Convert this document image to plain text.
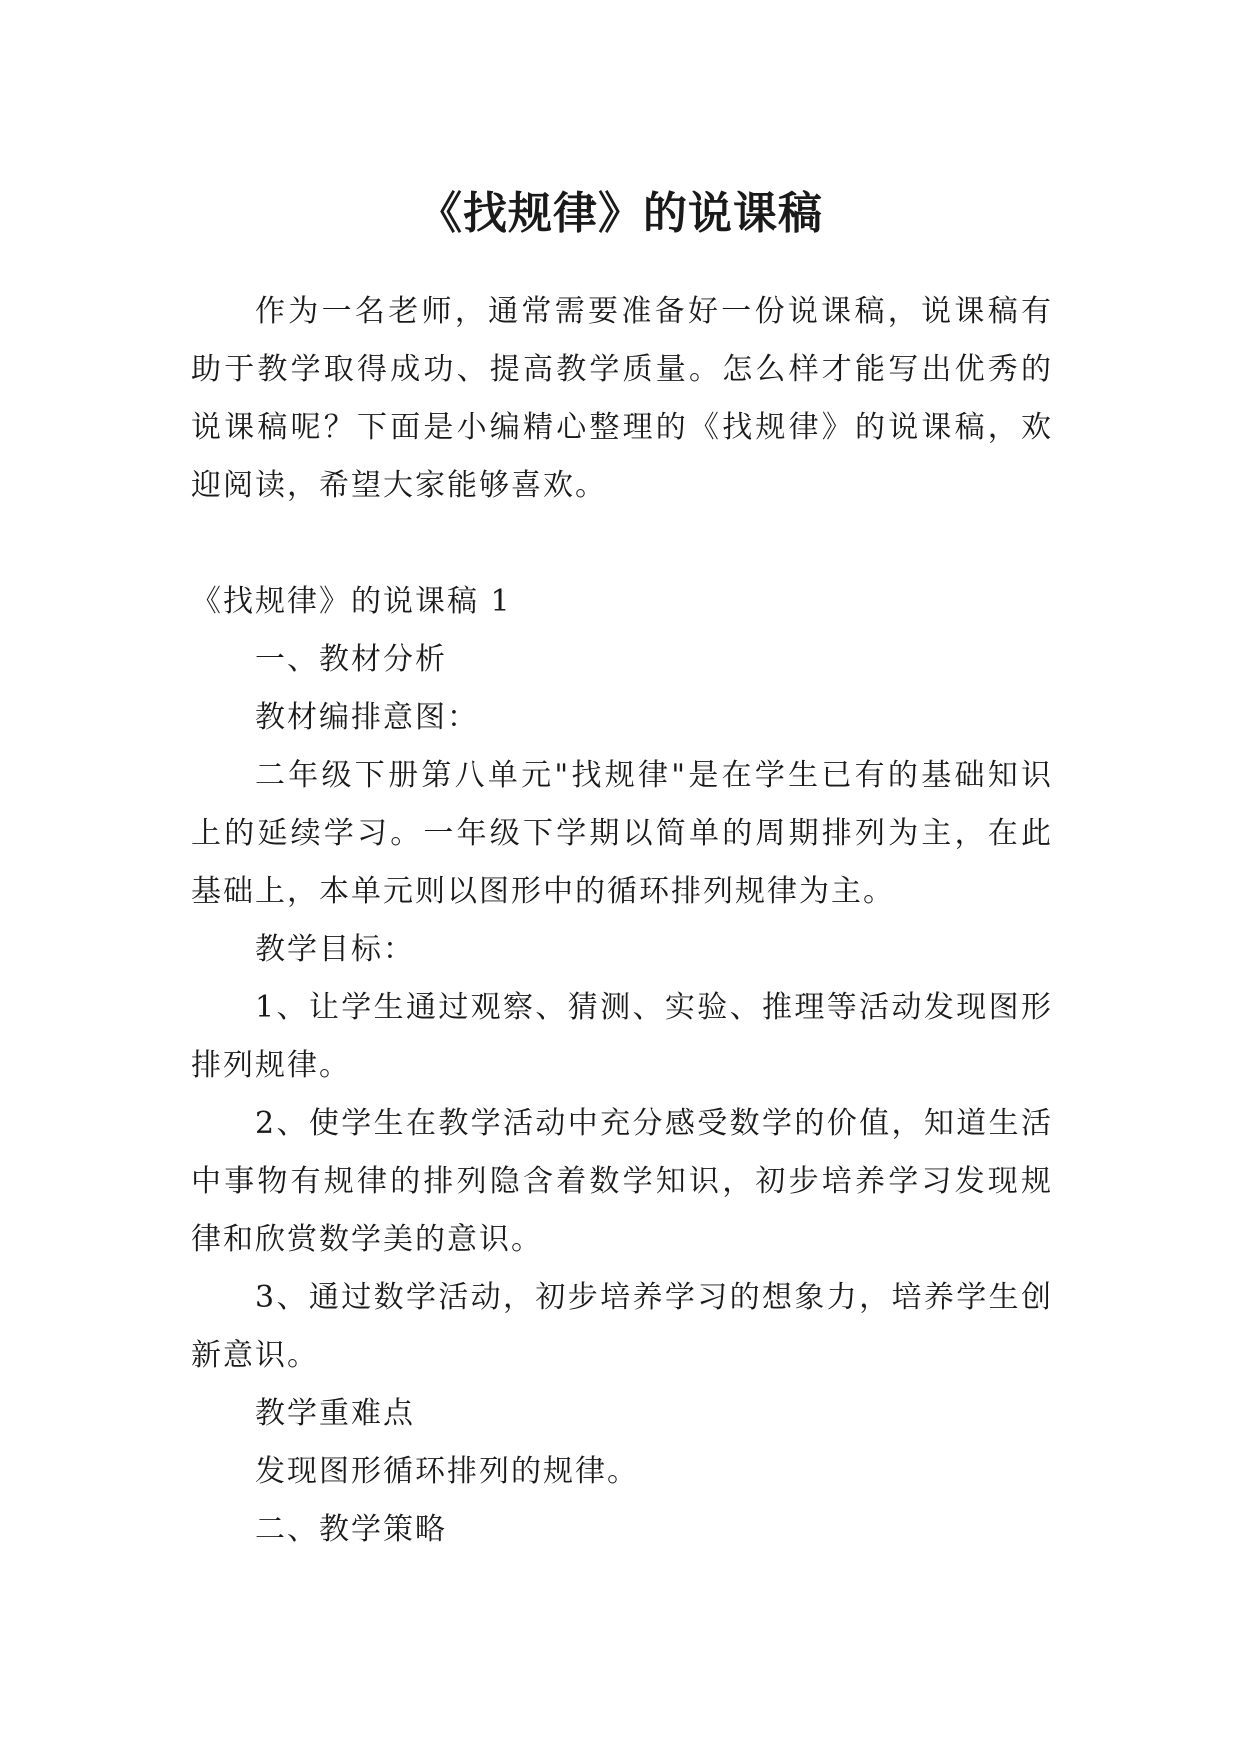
《找规律》的说课稿

作为一名老师，通常需要准备好一份说课稿，说课稿有助于教学取得成功、提高教学质量。怎么样才能写出优秀的说课稿呢？下面是小编精心整理的《找规律》的说课稿，欢迎阅读，希望大家能够喜欢。

《找规律》的说课稿 1

一、教材分析

教材编排意图：

二年级下册第八单元"找规律"是在学生已有的基础知识上的延续学习。一年级下学期以简单的周期排列为主，在此基础上，本单元则以图形中的循环排列规律为主。

教学目标：

1、让学生通过观察、猜测、实验、推理等活动发现图形排列规律。

2、使学生在教学活动中充分感受数学的价值，知道生活中事物有规律的排列隐含着数学知识，初步培养学习发现规律和欣赏数学美的意识。

3、通过数学活动，初步培养学习的想象力，培养学生创新意识。

教学重难点

发现图形循环排列的规律。

二、教学策略
